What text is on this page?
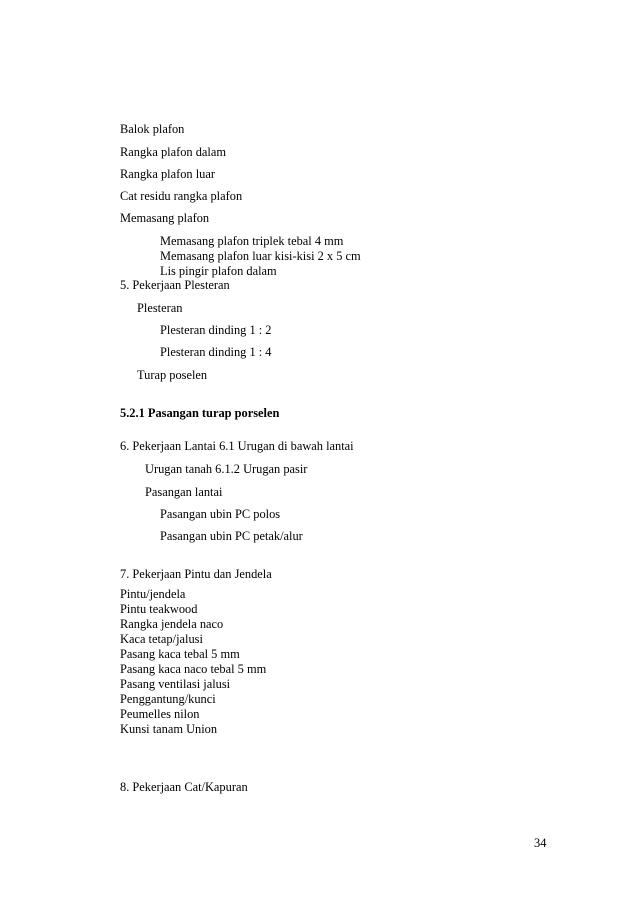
Balok plafon
Rangka plafon dalam
Rangka plafon luar
Cat residu rangka plafon
Memasang plafon
Memasang plafon triplek tebal 4 mm
Memasang plafon luar kisi-kisi 2 x 5 cm
Lis pingir plafon dalam
5. Pekerjaan Plesteran
Plesteran
Plesteran dinding 1 : 2
Plesteran dinding 1 : 4
Turap poselen
5.2.1 Pasangan turap porselen
6. Pekerjaan Lantai 6.1 Urugan di bawah lantai
Urugan tanah 6.1.2 Urugan pasir
Pasangan lantai
Pasangan ubin PC polos
Pasangan ubin PC petak/alur
7. Pekerjaan Pintu dan Jendela
Pintu/jendela
Pintu teakwood
Rangka jendela naco
Kaca tetap/jalusi
Pasang kaca tebal 5 mm
Pasang kaca naco tebal 5 mm
Pasang ventilasi jalusi
Penggantung/kunci
Peumelles nilon
Kunsi tanam Union
8. Pekerjaan Cat/Kapuran
34
